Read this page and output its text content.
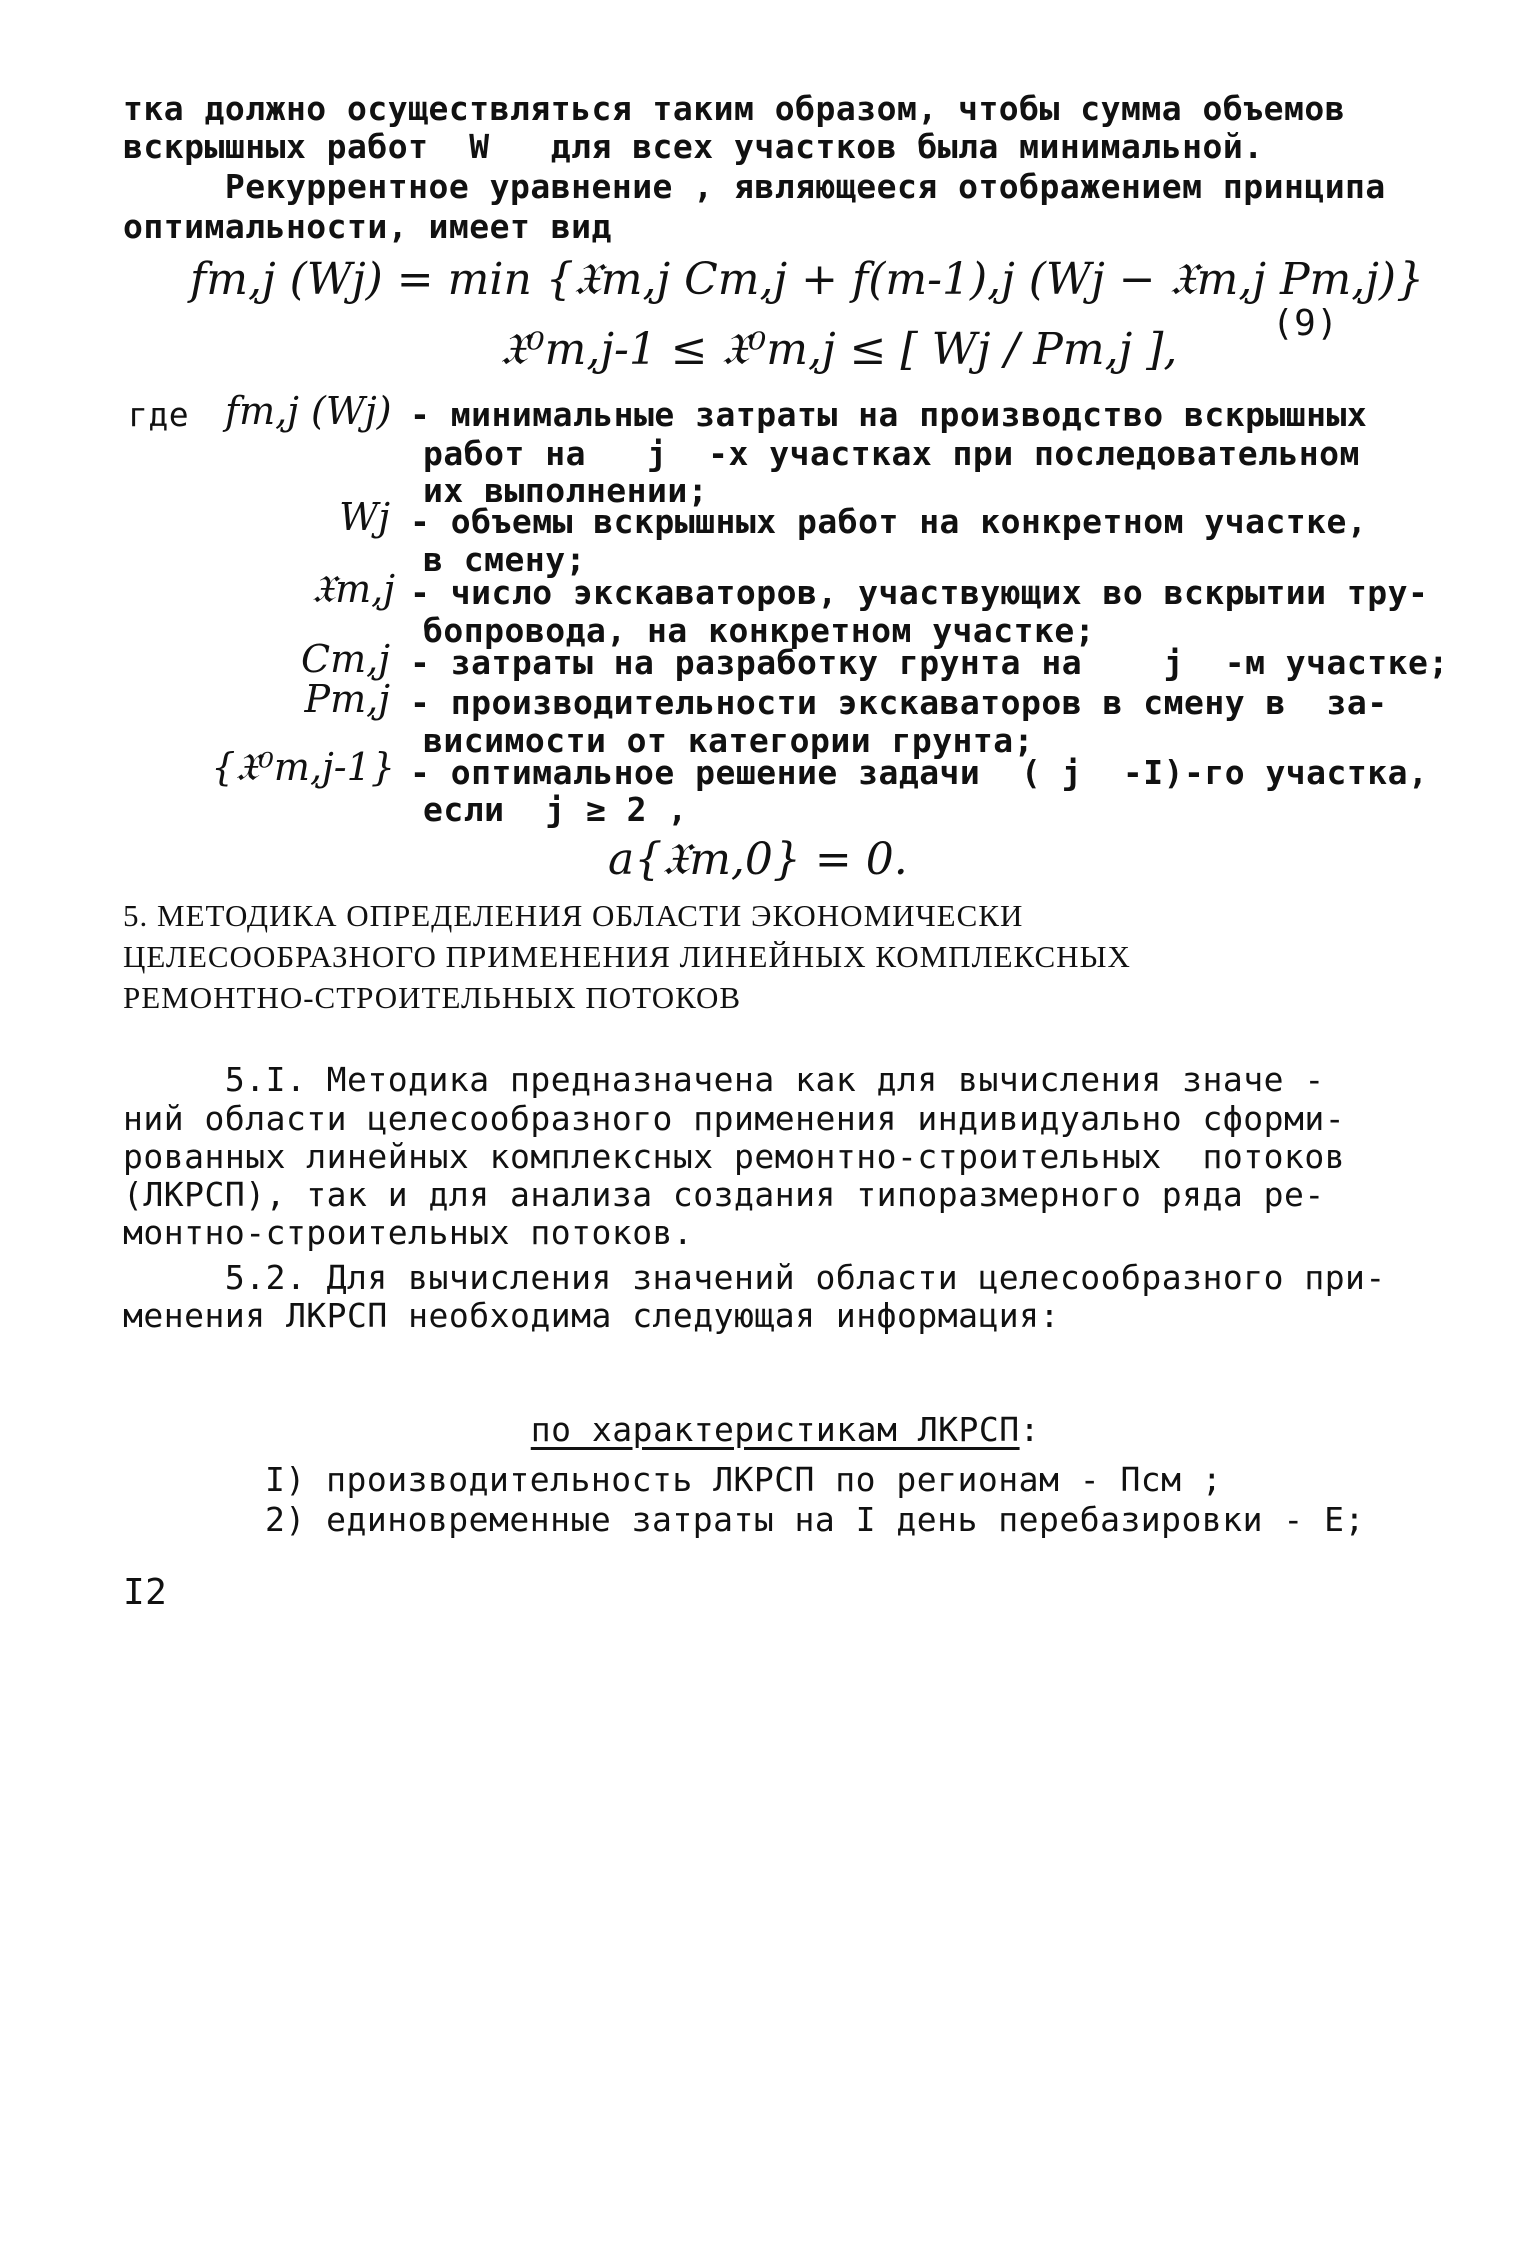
тка должно осуществляться таким образом, чтобы сумма объемов
вскрышных работ  W   для всех участков была минимальной.
Рекуррентное уравнение , являющееся отображением принципа
оптимальности, имеет вид
fm,j (Wj) = min {𝔛m,j Cm,j + f(m-1),j (Wj − 𝔛m,j Pm,j)}
𝔛⁰m,j-1 ≤ 𝔛⁰m,j ≤ [ Wj / Pm,j ],
(9)
где fm,j (Wj) - минимальные затраты на производство вскрышных
работ на   j  -х участках при последовательном
их выполнении;
Wj - объемы вскрышных работ на конкретном участке,
в смену;
𝔛m,j - число экскаваторов, участвующих во вскрытии тру-
бопровода, на конкретном участке;
Cm,j - затраты на разработку грунта на    j  -м участке;
Pm,j - производительности экскаваторов в смену в  за-
висимости от категории грунта;
{𝔛⁰m,j-1} - оптимальное решение задачи  ( j  -I)-го участка,
если  j ≥ 2 ,
a{𝔛m,0} = 0.
5. МЕТОДИКА ОПРЕДЕЛЕНИЯ ОБЛАСТИ ЭКОНОМИЧЕСКИ
ЦЕЛЕСООБРАЗНОГО ПРИМЕНЕНИЯ ЛИНЕЙНЫХ КОМПЛЕКСНЫХ
РЕМОНТНО-СТРОИТЕЛЬНЫХ ПОТОКОВ
5.I. Методика предназначена как для вычисления значе -
ний области целесообразного применения индивидуально сформи-
рованных линейных комплексных ремонтно-строительных  потоков
(ЛКРСП), так и для анализа создания типоразмерного ряда ре-
монтно-строительных потоков.
5.2. Для вычисления значений области целесообразного при-
менения ЛКРСП необходима следующая информация:

по характеристикам ЛКРСП:

I) производительность ЛКРСП по регионам - Пcм ;
2) единовременные затраты на I день перебазировки - Е;
I2
